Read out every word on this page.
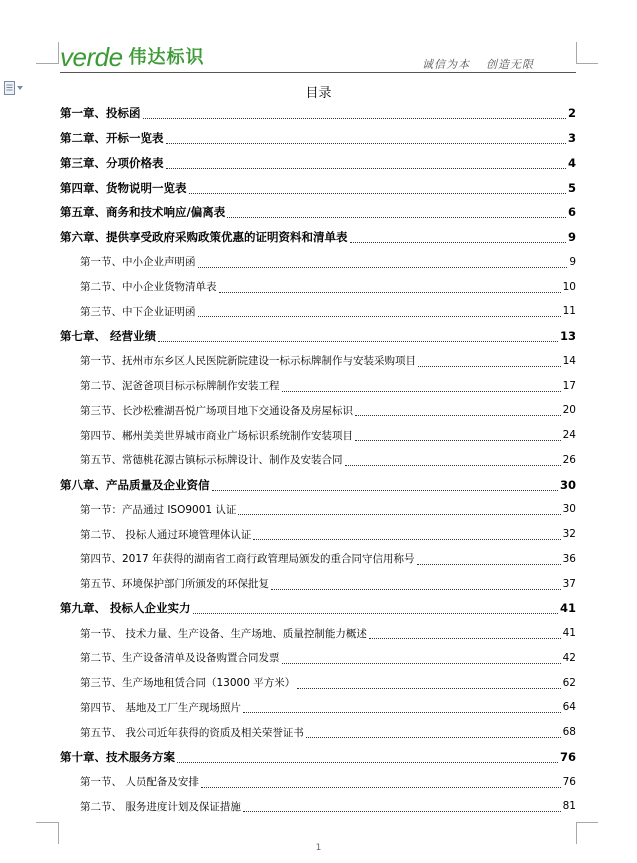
verde 伟达标识	诚信为本 创造无限
目录
第一章、投标函	2
第二章、开标一览表	3
第三章、分项价格表	4
第四章、货物说明一览表	5
第五章、商务和技术响应/偏离表	6
第六章、提供享受政府采购政策优惠的证明资料和清单表	9
第一节、中小企业声明函	9
第二节、中小企业货物清单表	10
第三节、中下企业证明函	11
第七章、 经营业绩	13
第一节、抚州市东乡区人民医院新院建设一标示标牌制作与安装采购项目	14
第二节、泥爸爸项目标示标牌制作安装工程	17
第三节、长沙松雅湖吾悦广场项目地下交通设备及房屋标识	20
第四节、郴州美美世界城市商业广场标识系统制作安装项目	24
第五节、常德桃花源古镇标示标牌设计、制作及安装合同	26
第八章、产品质量及企业资信	30
第一节：产品通过 ISO9001 认证	30
第二节、 投标人通过环境管理体认证	32
第四节、2017 年获得的湖南省工商行政管理局颁发的重合同守信用称号	36
第五节、环境保护部门所颁发的环保批复	37
第九章、 投标人企业实力	41
第一节、 技术力量、生产设备、生产场地、质量控制能力概述	41
第二节、生产设备清单及设备购置合同发票	42
第三节、生产场地租赁合同（13000 平方米）	62
第四节、 基地及工厂生产现场照片	64
第五节、 我公司近年获得的资质及相关荣誉证书	68
第十章、技术服务方案	76
第一节、 人员配备及安排	76
第二节、 服务进度计划及保证措施	81
1
